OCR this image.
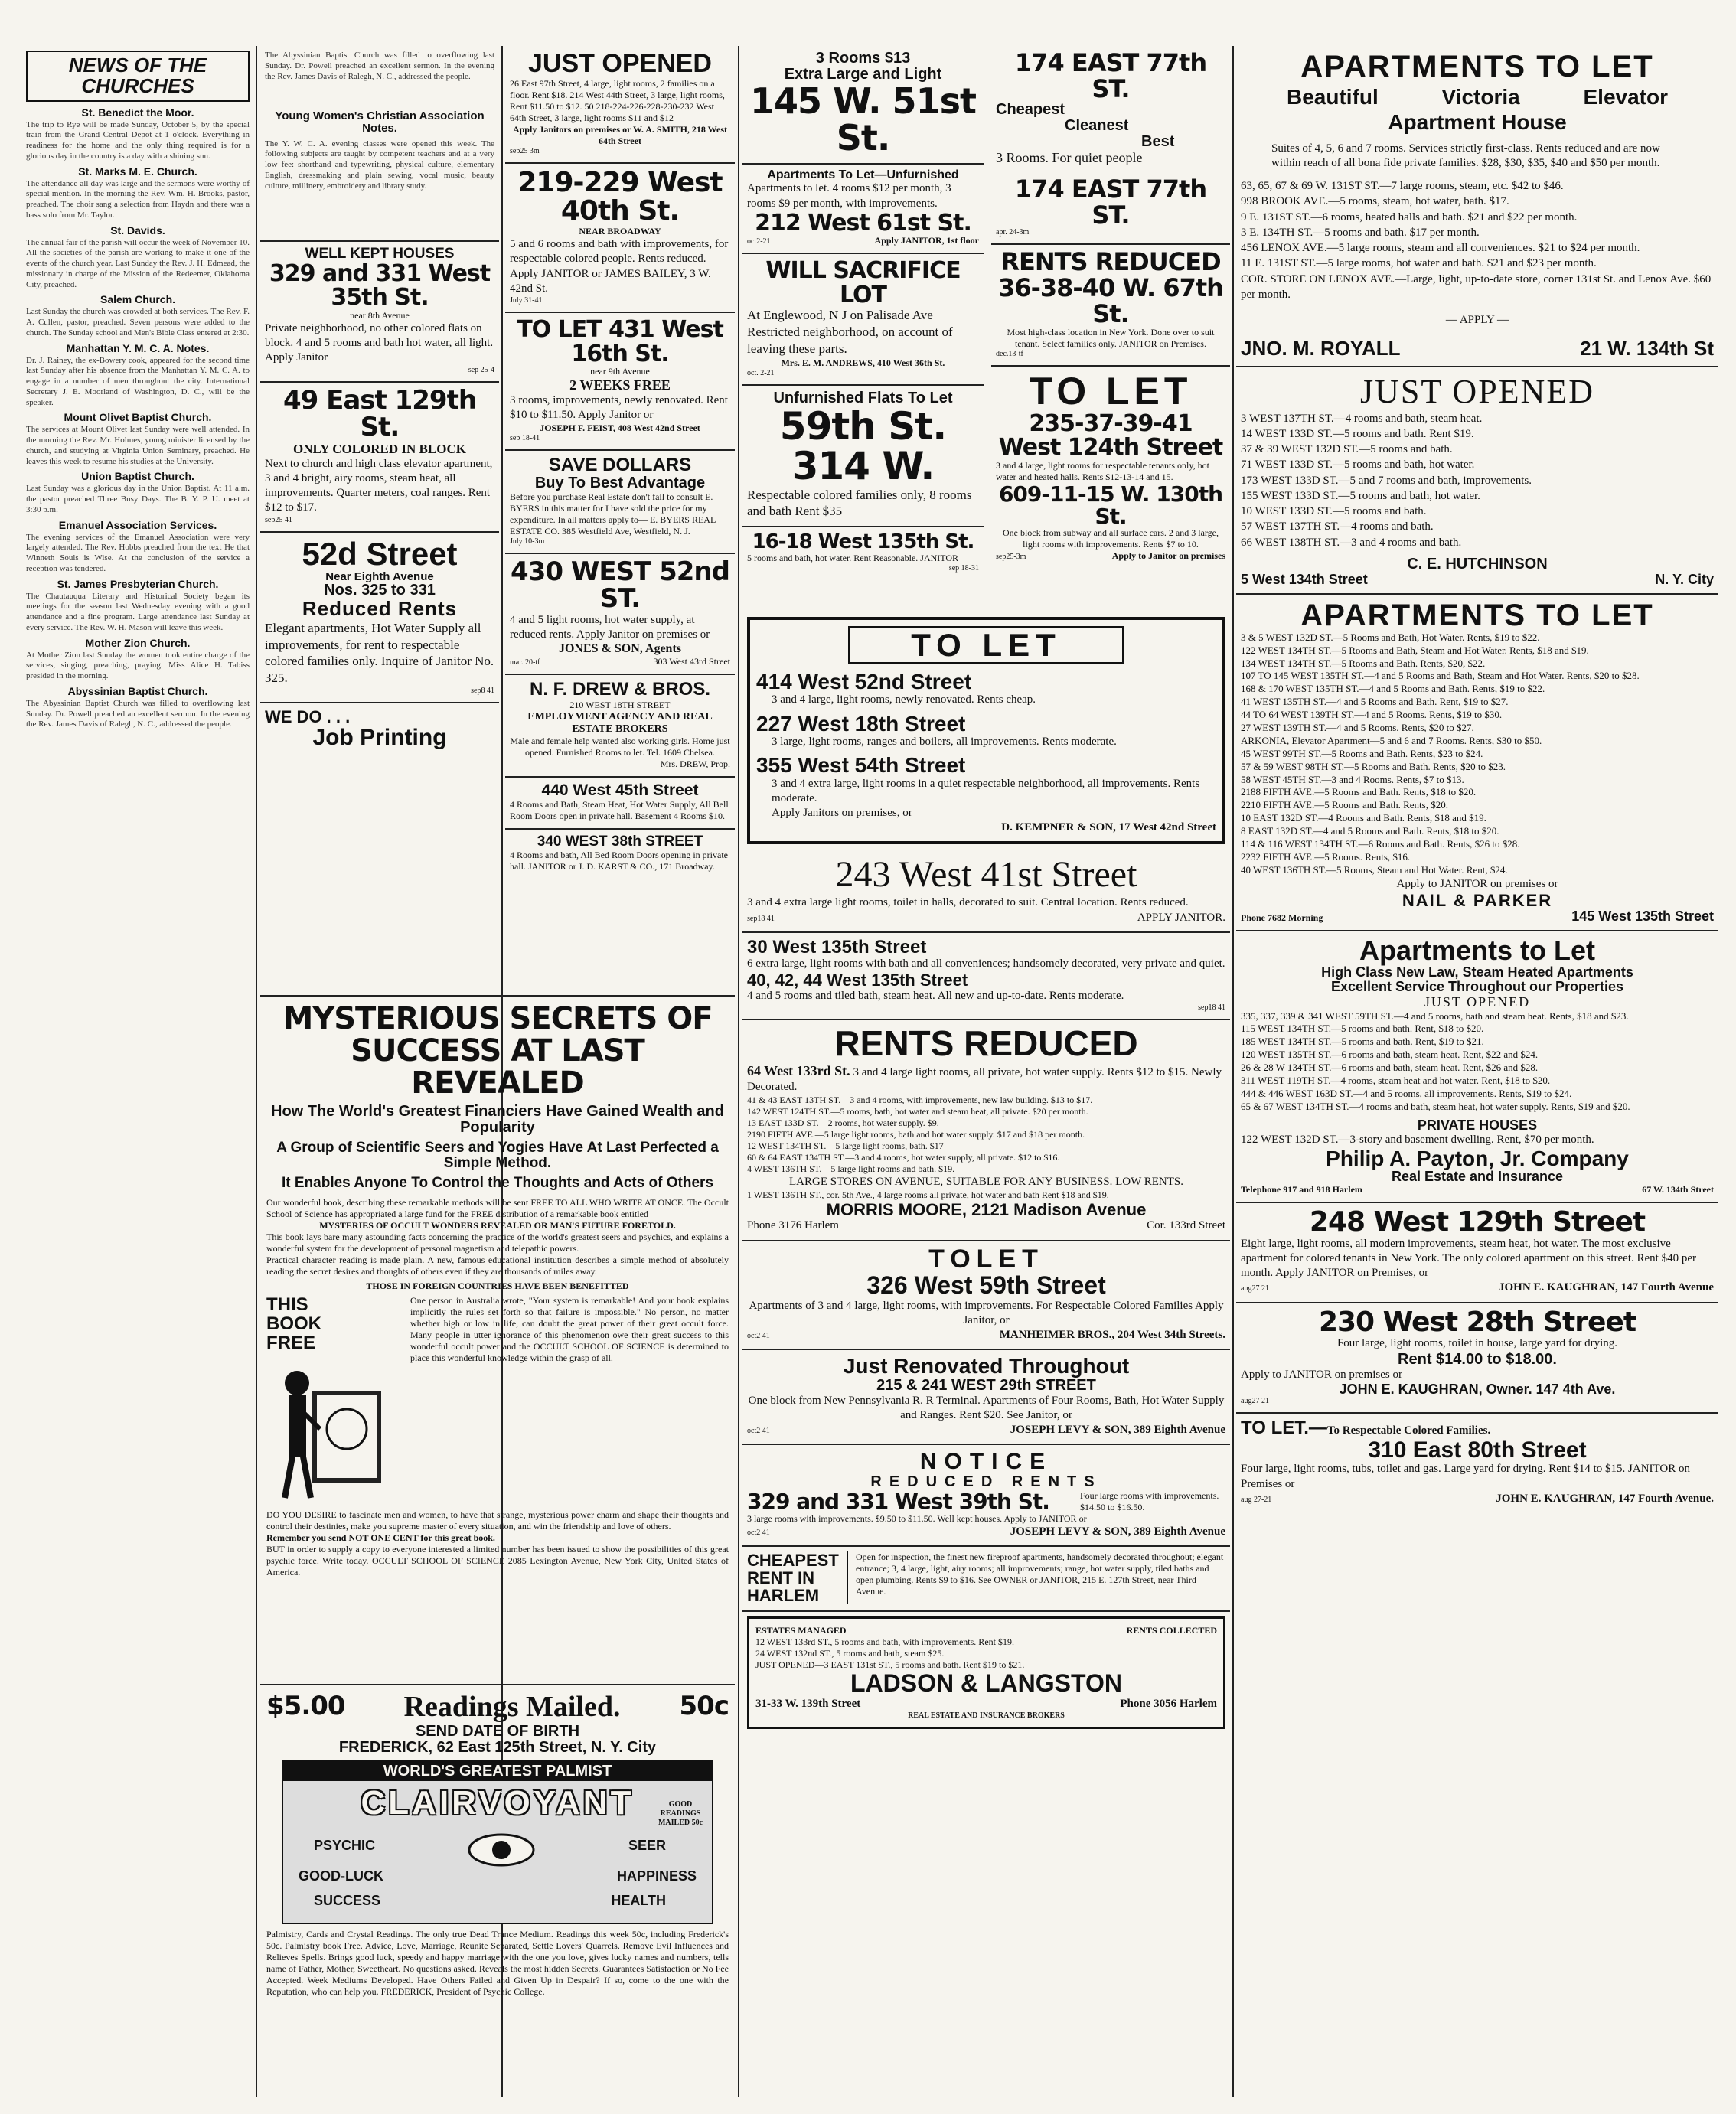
NEWS OF THE CHURCHES
St. Benedict the Moor.
The trip to Rye will be made Sunday, October 5, by the special train from the Grand Central Depot at 1 o'clock. Everything in readiness for the home and the only thing required is for a glorious day in the country is a day with a shining sun.
St. Marks M. E. Church.
The attendance all day was large and the sermons were worthy of special mention. In the morning the Rev. Wm. H. Brooks, pastor, preached. The choir sang a selection from Haydn and there was a bass solo from Mr. Taylor.
St. Davids.
The annual fair of the parish will occur the week of November 10. All the societies of the parish are working to make it one of the events of the church year. Last Sunday the Rev. J. H. Edmead, the missionary in charge of the Mission of the Redeemer, Oklahoma City, preached.
Salem Church.
Last Sunday the church was crowded at both services. The Rev. F. A. Cullen, pastor, preached. Seven persons were added to the church. The Sunday school and Men's Bible Class entered at 2:30.
Manhattan Y. M. C. A. Notes.
Dr. J. Rainey, the ex-Bowery cook, appeared for the second time last Sunday after his absence from the Manhattan Y. M. C. A. to engage in a number of men throughout the city. International Secretary J. E. Moorland of Washington, D. C., will be the speaker.
Mount Olivet Baptist Church.
The services at Mount Olivet last Sunday were well attended. In the morning the Rev. Mr. Holmes, young minister licensed by the church, and studying at Virginia Union Seminary, preached. He leaves this week to resume his studies at the University.
Union Baptist Church.
Last Sunday was a glorious day in the Union Baptist. At 11 a.m. the pastor preached Three Busy Days. The B. Y. P. U. meet at 3:30 p.m.
Emanuel Association Services.
The evening services of the Emanuel Association were very largely attended. The Rev. Hobbs preached from the text He that Winneth Souls is Wise. At the conclusion of the service a reception was tendered.
St. James Presbyterian Church.
The Chautauqua Literary and Historical Society began its meetings for the season last Wednesday evening with a good attendance and a fine program. Large attendance last Sunday at every service. The Rev. W. H. Mason will leave this week.
Mother Zion Church.
At Mother Zion last Sunday the women took entire charge of the services, singing, preaching, praying. Miss Alice H. Tabiss presided in the morning.
Abyssinian Baptist Church.
The Abyssinian Baptist Church was filled to overflowing last Sunday. Dr. Powell preached an excellent sermon. In the evening the Rev. James Davis of Ralegh, N. C., addressed the people.
The Abyssinian Baptist Church was filled to overflowing last Sunday. Dr. Powell preached an excellent sermon. In the evening the Rev. James Davis of Ralegh, N. C., addressed the people.
Young Women's Christian Association Notes.
The Y. W. C. A. evening classes were opened this week. The following subjects are taught by competent teachers and at a very low fee: shorthand and typewriting, physical culture, elementary English, dressmaking and plain sewing, vocal music, beauty culture, millinery, embroidery and library study.
WELL KEPT HOUSES
329 and 331 West 35th St.
near 8th Avenue
Private neighborhood, no other colored flats on block. 4 and 5 rooms and bath hot water, all light. Apply Janitor
sep 25-4
49 East 129th St.
ONLY COLORED IN BLOCK
Next to church and high class elevator apartment, 3 and 4 bright, airy rooms, steam heat, all improvements. Quarter meters, coal ranges. Rent $12 to $17.
sep25 41
52d Street
Near Eighth Avenue
Nos. 325 to 331
Reduced Rents
Elegant apartments, Hot Water Supply all improvements, for rent to respectable colored families only. Inquire of Janitor No. 325.
sep8 41
WE DO . . .
Job Printing
JUST OPENED
26 East 97th Street, 4 large, light rooms, 2 families on a floor. Rent $18. 214 West 44th Street, 3 large, light rooms, Rent $11.50 to $12. 50 218-224-226-228-230-232 West 64th Street, 3 large, light rooms $11 and $12
Apply Janitors on premises or W. A. SMITH, 218 West 64th Street
sep25 3m
219-229 West 40th St.
NEAR BROADWAY
5 and 6 rooms and bath with improvements, for respectable colored people. Rents reduced. Apply JANITOR or JAMES BAILEY, 3 W. 42nd St.
July 31-41
TO LET 431 West 16th St.
near 9th Avenue
2 WEEKS FREE
3 rooms, improvements, newly renovated. Rent $10 to $11.50. Apply Janitor or
JOSEPH F. FEIST, 408 West 42nd Street
sep 18-41
SAVE DOLLARS
Buy To Best Advantage
Before you purchase Real Estate don't fail to consult E. BYERS in this matter for I have sold the price for my expenditure. In all matters apply to— E. BYERS REAL ESTATE CO. 385 Westfield Ave, Westfield, N. J.
July 10-3m
430 WEST 52nd ST.
4 and 5 light rooms, hot water supply, at reduced rents. Apply Janitor on premises or
JONES & SON, Agents
mar. 20-tf	303 West 43rd Street
N. F. DREW & BROS.
210 WEST 18TH STREET
EMPLOYMENT AGENCY AND REAL ESTATE BROKERS
Male and female help wanted also working girls. Home just opened. Furnished Rooms to let. Tel. 1609 Chelsea.
Mrs. DREW, Prop.
440 West 45th Street
4 Rooms and Bath, Steam Heat, Hot Water Supply, All Bell Room Doors open in private hall. Basement 4 Rooms $10.
340 WEST 38th STREET
4 Rooms and bath, All Bed Room Doors opening in private hall. JANITOR or J. D. KARST & CO., 171 Broadway.
3 Rooms $13
Extra Large and Light
145 W. 51st St.
Apartments To Let—Unfurnished
Apartments to let. 4 rooms $12 per month, 3 rooms $9 per month, with improvements.
212 West 61st St.
oct2-21	Apply JANITOR, 1st floor
WILL SACRIFICE LOT
At Englewood, N J on Palisade Ave Restricted neighborhood, on account of leaving these parts.
Mrs. E. M. ANDREWS, 410 West 36th St.
oct. 2-21
Unfurnished Flats To Let
59th St. 314 W.
Respectable colored families only, 8 rooms and bath Rent $35
16-18 West 135th St.
5 rooms and bath, hot water. Rent Reasonable. JANITOR
sep 18-31
174 EAST 77th ST.
Cheapest
Cleanest
Best
3 Rooms. For quiet people
174 EAST 77th ST.
apr. 24-3m
RENTS REDUCED
36-38-40 W. 67th St.
Most high-class location in New York. Done over to suit tenant. Select families only. JANITOR on Premises.
dec.13-tf
TO LET
235-37-39-41 West 124th Street
3 and 4 large, light rooms for respectable tenants only, hot water and heated halls. Rents $12-13-14 and 15.
609-11-15 W. 130th St.
One block from subway and all surface cars. 2 and 3 large, light rooms with improvements. Rents $7 to 10.
sep25-3m	Apply to Janitor on premises
TO LET
414 West 52nd Street
3 and 4 large, light rooms, newly renovated. Rents cheap.
227 West 18th Street
3 large, light rooms, ranges and boilers, all improvements. Rents moderate.
355 West 54th Street
3 and 4 extra large, light rooms in a quiet respectable neighborhood, all improvements. Rents moderate.
Apply Janitors on premises, or
D. KEMPNER & SON, 17 West 42nd Street
243 West 41st Street
3 and 4 extra large light rooms, toilet in halls, decorated to suit. Central location. Rents reduced.
sep18 41	APPLY JANITOR.
30 West 135th Street
6 extra large, light rooms with bath and all conveniences; handsomely decorated, very private and quiet.
40, 42, 44 West 135th Street
4 and 5 rooms and tiled bath, steam heat. All new and up-to-date. Rents moderate.
sep18 41
RENTS REDUCED
64 West 133rd St. 3 and 4 large light rooms, all private, hot water supply. Rents $12 to $15. Newly Decorated.
41 & 43 EAST 13TH ST.—3 and 4 rooms, with improvements, new law building. $13 to $17.
142 WEST 124TH ST.—5 rooms, bath, hot water and steam heat, all private. $20 per month.
13 EAST 133D ST.—2 rooms, hot water supply. $9.
2190 FIFTH AVE.—5 large light rooms, bath and hot water supply. $17 and $18 per month.
12 WEST 134TH ST.—5 large light rooms, bath. $17
60 & 64 EAST 134TH ST.—3 and 4 rooms, hot water supply, all private. $12 to $16.
4 WEST 136TH ST.—5 large light rooms and bath. $19.
LARGE STORES ON AVENUE, SUITABLE FOR ANY BUSINESS. LOW RENTS.
1 WEST 136TH ST., cor. 5th Ave., 4 large rooms all private, hot water and bath Rent $18 and $19.
MORRIS MOORE, 2121 Madison Avenue
Phone 3176 Harlem	Cor. 133rd Street
TOLET
326 West 59th Street
Apartments of 3 and 4 large, light rooms, with improvements. For Respectable Colored Families Apply Janitor, or
oct2 41	MANHEIMER BROS., 204 West 34th Streets.
Just Renovated Throughout
215 & 241 WEST 29th STREET
One block from New Pennsylvania R. R Terminal. Apartments of Four Rooms, Bath, Hot Water Supply and Ranges. Rent $20. See Janitor, or
oct2 41	JOSEPH LEVY & SON, 389 Eighth Avenue
NOTICE
REDUCED RENTS
329 and 331 West 39th St.	Four large rooms with improvements. $14.50 to $16.50.
3 large rooms with improvements. $9.50 to $11.50. Well kept houses. Apply to JANITOR or
oct2 41	JOSEPH LEVY & SON, 389 Eighth Avenue
CHEAPEST
RENT IN
HARLEM
Open for inspection, the finest new fireproof apartments, handsomely decorated throughout; elegant entrance; 3, 4 large, light, airy rooms; all improvements; range, hot water supply, tiled baths and open plumbing. Rents $9 to $16. See OWNER or JANITOR, 215 E. 127th Street, near Third Avenue.
ESTATES MANAGED	RENTS COLLECTED
12 WEST 133rd ST., 5 rooms and bath, with improvements. Rent $19.
24 WEST 132nd ST., 5 rooms and bath, steam $25.
JUST OPENED—3 EAST 131st ST., 5 rooms and bath. Rent $19 to $21.
LADSON & LANGSTON
31-33 W. 139th Street	Phone 3056 Harlem
REAL ESTATE AND INSURANCE BROKERS
MYSTERIOUS SECRETS OF
SUCCESS AT LAST REVEALED
How The World's Greatest Financiers Have Gained Wealth and Popularity
A Group of Scientific Seers and Yogies Have At Last Perfected a Simple Method.
It Enables Anyone To Control the Thoughts and Acts of Others
Our wonderful book, describing these remarkable methods will be sent FREE TO ALL WHO WRITE AT ONCE. The Occult School of Science has appropriated a large fund for the FREE distribution of a remarkable book entitled
MYSTERIES OF OCCULT WONDERS REVEALED OR MAN'S FUTURE FORETOLD.
This book lays bare many astounding facts concerning the practice of the world's greatest seers and psychics, and explains a wonderful system for the development of personal magnetism and telepathic powers.
Practical character reading is made plain. A new, famous educational institution describes a simple method of absolutely reading the secret desires and thoughts of others even if they are thousands of miles away.
THOSE IN FOREIGN COUNTRIES HAVE BEEN BENEFITTED
THIS
BOOK
FREE
One person in Australia wrote, "Your system is remarkable! And your book explains implicitly the rules set forth so that failure is impossible." No person, no matter whether high or low in life, can doubt the great power of their great occult force. Many people in utter ignorance of this phenomenon owe their great success to this wonderful occult power and the OCCULT SCHOOL OF SCIENCE is determined to place this wonderful knowledge within the grasp of all.
DO YOU DESIRE to fascinate men and women, to have that strange, mysterious power charm and shape their thoughts and control their destinies, make you supreme master of every situation, and win the friendship and love of others.
Remember you send NOT ONE CENT for this great book.
BUT in order to supply a copy to everyone interested a limited number has been issued to show the possibilities of this great psychic force. Write today. OCCULT SCHOOL OF SCIENCE 2085 Lexington Avenue, New York City, United States of America.
$5.00 Readings Mailed. 50c
SEND DATE OF BIRTH
FREDERICK, 62 East 125th Street, N. Y. City
WORLD'S GREATEST PALMIST
CLAIRVOYANT
PSYCHIC	SEER
GOOD-LUCK	HAPPINESS
SUCCESS	HEALTH
GOOD READINGS MAILED 50c
Palmistry, Cards and Crystal Readings. The only true Dead Trance Medium. Readings this week 50c, including Frederick's 50c. Palmistry book Free. Advice, Love, Marriage, Reunite Separated, Settle Lovers' Quarrels. Remove Evil Influences and Relieves Spells. Brings good luck, speedy and happy marriage with the one you love, gives lucky names and numbers, tells name of Father, Mother, Sweetheart. No questions asked. Reveals the most hidden Secrets. Guarantees Satisfaction or No Fee Accepted. Week Mediums Developed. Have Others Failed and Given Up in Despair? If so, come to the one with the Reputation, who can help you. FREDERICK, President of Psychic College.
APARTMENTS TO LET
Beautiful	Victoria	Elevator
Apartment House
Suites of 4, 5, 6 and 7 rooms. Services strictly first-class. Rents reduced and are now within reach of all bona fide private families. $28, $30, $35, $40 and $50 per month.
63, 65, 67 & 69 W. 131ST ST.—7 large rooms, steam, etc. $42 to $46.
998 BROOK AVE.—5 rooms, steam, hot water, bath. $17.
9 E. 131ST ST.—6 rooms, heated halls and bath. $21 and $22 per month.
3 E. 134TH ST.—5 rooms and bath. $17 per month.
456 LENOX AVE.—5 large rooms, steam and all conveniences. $21 to $24 per month.
11 E. 131ST ST.—5 large rooms, hot water and bath. $21 and $23 per month.
COR. STORE ON LENOX AVE.—Large, light, up-to-date store, corner 131st St. and Lenox Ave. $60 per month.
— APPLY —
JNO. M. ROYALL	21 W. 134th St
JUST OPENED
3 WEST 137TH ST.—4 rooms and bath, steam heat.
14 WEST 133D ST.—5 rooms and bath. Rent $19.
37 & 39 WEST 132D ST.—5 rooms and bath.
71 WEST 133D ST.—5 rooms and bath, hot water.
173 WEST 133D ST.—5 and 7 rooms and bath, improvements.
155 WEST 133D ST.—5 rooms and bath, hot water.
10 WEST 133D ST.—5 rooms and bath.
57 WEST 137TH ST.—4 rooms and bath.
66 WEST 138TH ST.—3 and 4 rooms and bath.
C. E. HUTCHINSON
5 West 134th Street	N. Y. City
APARTMENTS TO LET
3 & 5 WEST 132D ST.—5 Rooms and Bath, Hot Water. Rents, $19 to $22.
122 WEST 134TH ST.—5 Rooms and Bath, Steam and Hot Water. Rents, $18 and $19.
134 WEST 134TH ST.—5 Rooms and Bath. Rents, $20, $22.
107 TO 145 WEST 135TH ST.—4 and 5 Rooms and Bath, Steam and Hot Water. Rents, $20 to $28.
168 & 170 WEST 135TH ST.—4 and 5 Rooms and Bath. Rents, $19 to $22.
41 WEST 135TH ST.—4 and 5 Rooms and Bath. Rent, $19 to $27.
44 TO 64 WEST 139TH ST.—4 and 5 Rooms. Rents, $19 to $30.
27 WEST 139TH ST.—4 and 5 Rooms. Rents, $20 to $27.
ARKONIA, Elevator Apartment—5 and 6 and 7 Rooms. Rents, $30 to $50.
45 WEST 99TH ST.—5 Rooms and Bath. Rents, $23 to $24.
57 & 59 WEST 98TH ST.—5 Rooms and Bath. Rents, $20 to $23.
58 WEST 45TH ST.—3 and 4 Rooms. Rents, $7 to $13.
2188 FIFTH AVE.—5 Rooms and Bath. Rents, $18 to $20.
2210 FIFTH AVE.—5 Rooms and Bath. Rents, $20.
10 EAST 132D ST.—4 Rooms and Bath. Rents, $18 and $19.
8 EAST 132D ST.—4 and 5 Rooms and Bath. Rents, $18 to $20.
114 & 116 WEST 134TH ST.—6 Rooms and Bath. Rents, $26 to $28.
2232 FIFTH AVE.—5 Rooms. Rents, $16.
40 WEST 136TH ST.—5 Rooms, Steam and Hot Water. Rent, $24.
Apply to JANITOR on premises or
NAIL & PARKER
Phone 7682 Morning	145 West 135th Street
Apartments to Let
High Class New Law, Steam Heated Apartments
Excellent Service Throughout our Properties
JUST OPENED
335, 337, 339 & 341 WEST 59TH ST.—4 and 5 rooms, bath and steam heat. Rents, $18 and $23.
115 WEST 134TH ST.—5 rooms and bath. Rent, $18 to $20.
185 WEST 134TH ST.—5 rooms and bath. Rent, $19 to $21.
120 WEST 135TH ST.—6 rooms and bath, steam heat. Rent, $22 and $24.
26 & 28 W 134TH ST.—6 rooms and bath, steam heat. Rent, $26 and $28.
311 WEST 119TH ST.—4 rooms, steam heat and hot water. Rent, $18 to $20.
444 & 446 WEST 163D ST.—4 and 5 rooms, all improvements. Rents, $19 to $24.
65 & 67 WEST 134TH ST.—4 rooms and bath, steam heat, hot water supply. Rents, $19 and $20.
PRIVATE HOUSES
122 WEST 132D ST.—3-story and basement dwelling. Rent, $70 per month.
Philip A. Payton, Jr. Company
Real Estate and Insurance
Telephone 917 and 918 Harlem	67 W. 134th Street
248 West 129th Street
Eight large, light rooms, all modern improvements, steam heat, hot water. The most exclusive apartment for colored tenants in New York. The only colored apartment on this street. Rent $40 per month. Apply JANITOR on Premises, or
aug27 21	JOHN E. KAUGHRAN, 147 Fourth Avenue
230 West 28th Street
Four large, light rooms, toilet in house, large yard for drying.
Rent $14.00 to $18.00.
Apply to JANITOR on premises or
JOHN E. KAUGHRAN, Owner. 147 4th Ave.
aug27 21
TO LET.—To Respectable Colored Families.
310 East 80th Street
Four large, light rooms, tubs, toilet and gas. Large yard for drying. Rent $14 to $15. JANITOR on Premises or
aug 27-21	JOHN E. KAUGHRAN, 147 Fourth Avenue.
